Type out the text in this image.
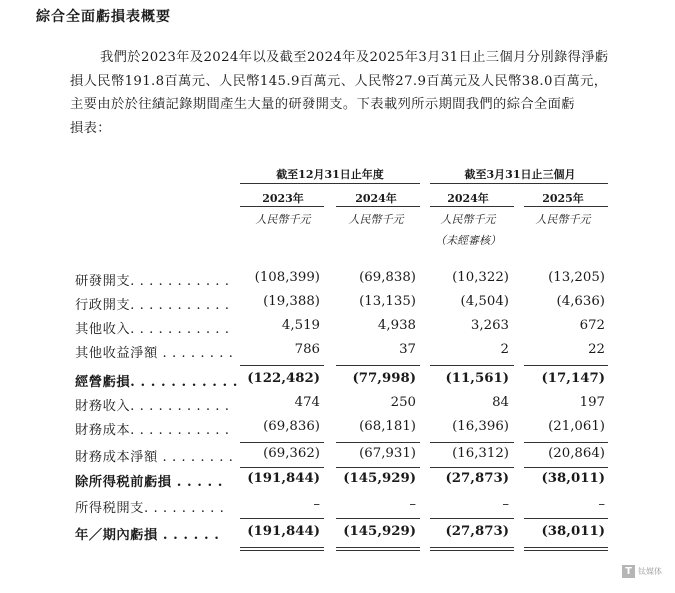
綜合全面虧損表概要
我們於2023年及2024年以及截至2024年及2025年3月31日止三個月分別錄得淨虧
損人民幣191.8百萬元、人民幣145.9百萬元、人民幣27.9百萬元及人民幣38.0百萬元，
主要由於於往績記錄期間產生大量的研發開支。下表載列所示期間我們的綜合全面虧
損表：
截至12月31日止年度	截至3月31日止三個月
2023年	2024年	2024年	2025年
人民幣千元	人民幣千元	人民幣千元	人民幣千元
（未經審核）
研發開支. . . . . . . . . . .	(108,399)	(69,838)	(10,322)	(13,205)
行政開支. . . . . . . . . . .	(19,388)	(13,135)	(4,504)	(4,636)
其他收入. . . . . . . . . . .	4,519	4,938	3,263	672
其他收益淨額 . . . . . . . .	786	37	2	22
經營虧損. . . . . . . . . . . (122,482)	(77,998)	(11,561)	(17,147)
財務收入. . . . . . . . . . .	474	250	84	197
財務成本. . . . . . . . . . .	(69,836)	(68,181)	(16,396)	(21,061)
財務成本淨額 . . . . . . . .	(69,362)	(67,931)	(16,312)	(20,864)
除所得税前虧損 . . . . .	(191,844)	(145,929)	(27,873)	(38,011)
所得税開支. . . . . . . . .	–	–	–	–
年／期內虧損 . . . . . .	(191,844)	(145,929)	(27,873)	(38,011)
T 钛媒体
